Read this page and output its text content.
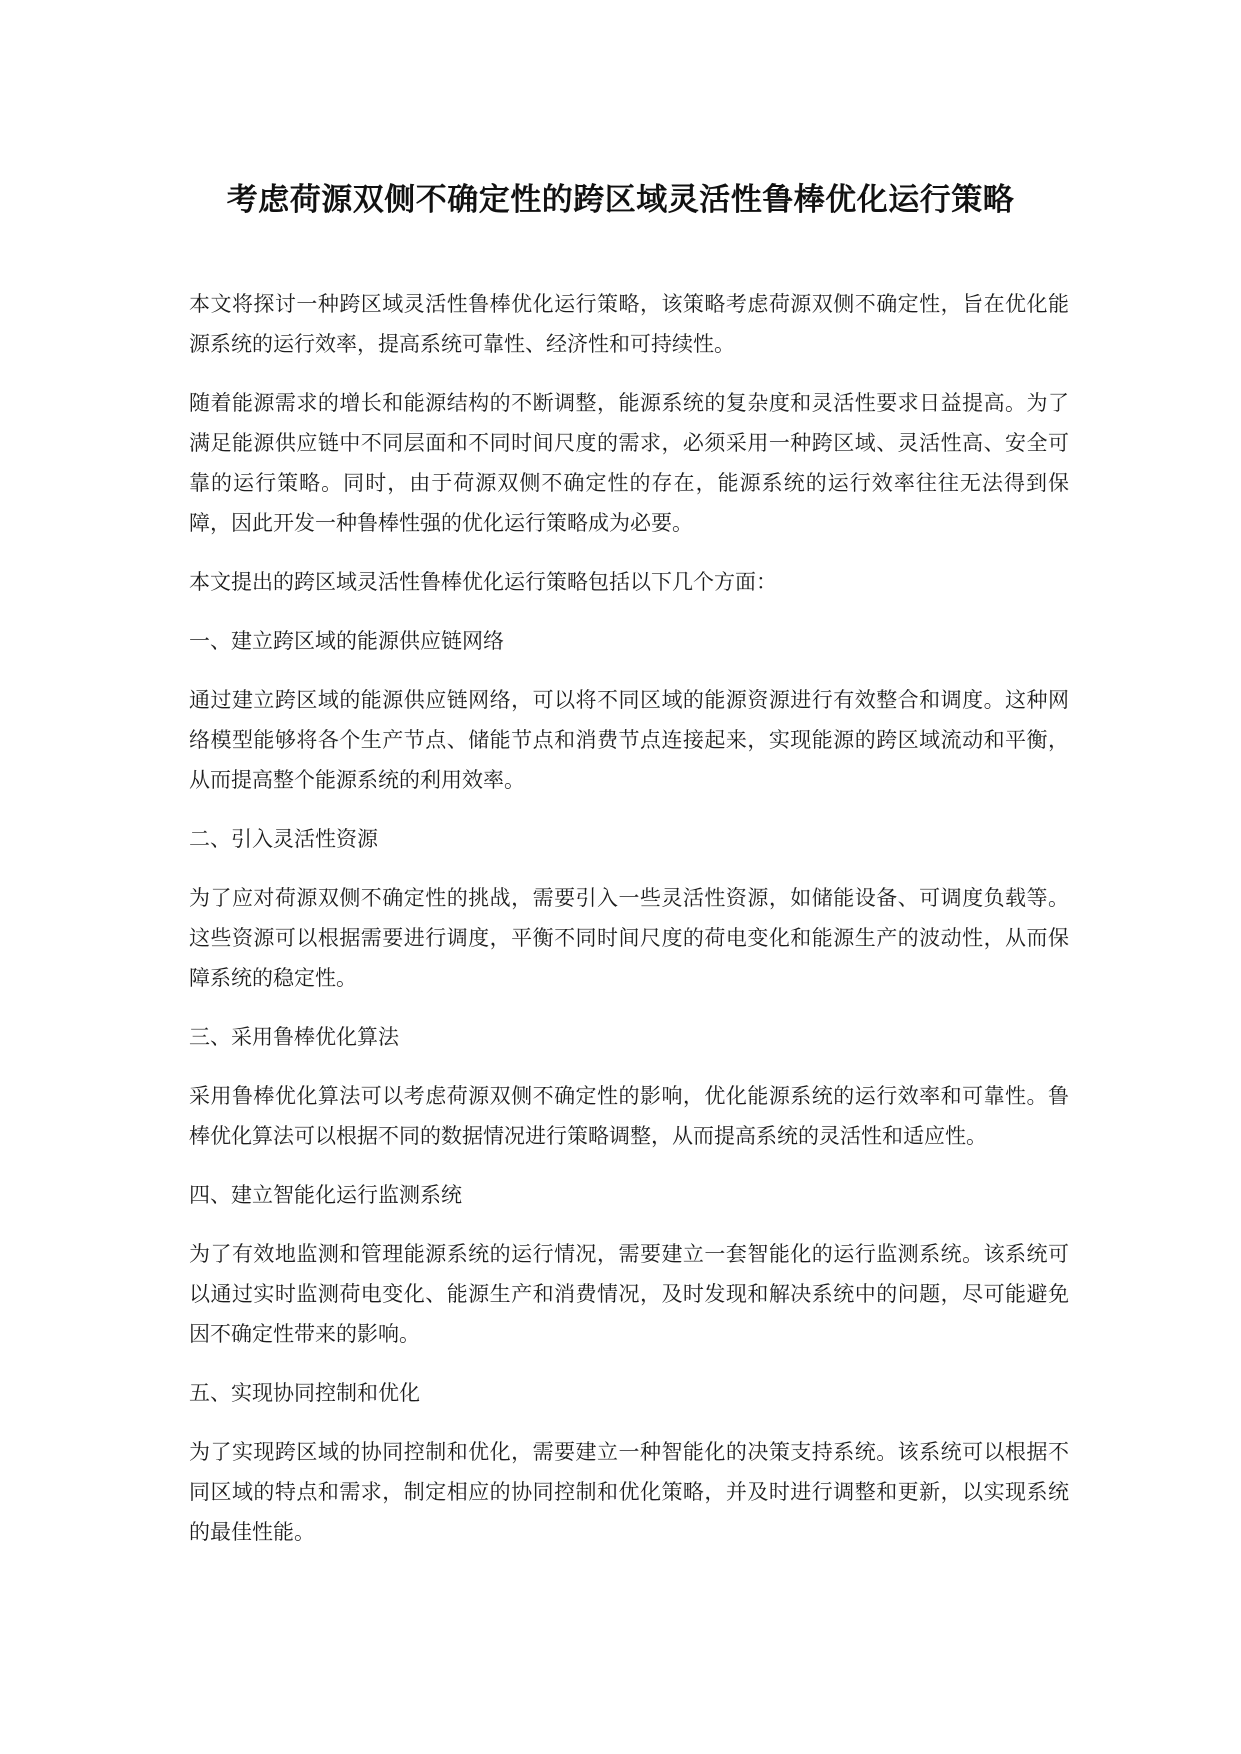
考虑荷源双侧不确定性的跨区域灵活性鲁棒优化运行策略

本文将探讨一种跨区域灵活性鲁棒优化运行策略，该策略考虑荷源双侧不确定性，旨在优化能源系统的运行效率，提高系统可靠性、经济性和可持续性。

随着能源需求的增长和能源结构的不断调整，能源系统的复杂度和灵活性要求日益提高。为了满足能源供应链中不同层面和不同时间尺度的需求，必须采用一种跨区域、灵活性高、安全可靠的运行策略。同时，由于荷源双侧不确定性的存在，能源系统的运行效率往往无法得到保障，因此开发一种鲁棒性强的优化运行策略成为必要。

本文提出的跨区域灵活性鲁棒优化运行策略包括以下几个方面：

一、建立跨区域的能源供应链网络

通过建立跨区域的能源供应链网络，可以将不同区域的能源资源进行有效整合和调度。这种网络模型能够将各个生产节点、储能节点和消费节点连接起来，实现能源的跨区域流动和平衡，从而提高整个能源系统的利用效率。

二、引入灵活性资源

为了应对荷源双侧不确定性的挑战，需要引入一些灵活性资源，如储能设备、可调度负载等。这些资源可以根据需要进行调度，平衡不同时间尺度的荷电变化和能源生产的波动性，从而保障系统的稳定性。

三、采用鲁棒优化算法

采用鲁棒优化算法可以考虑荷源双侧不确定性的影响，优化能源系统的运行效率和可靠性。鲁棒优化算法可以根据不同的数据情况进行策略调整，从而提高系统的灵活性和适应性。

四、建立智能化运行监测系统

为了有效地监测和管理能源系统的运行情况，需要建立一套智能化的运行监测系统。该系统可以通过实时监测荷电变化、能源生产和消费情况，及时发现和解决系统中的问题，尽可能避免因不确定性带来的影响。

五、实现协同控制和优化

为了实现跨区域的协同控制和优化，需要建立一种智能化的决策支持系统。该系统可以根据不同区域的特点和需求，制定相应的协同控制和优化策略，并及时进行调整和更新，以实现系统的最佳性能。
